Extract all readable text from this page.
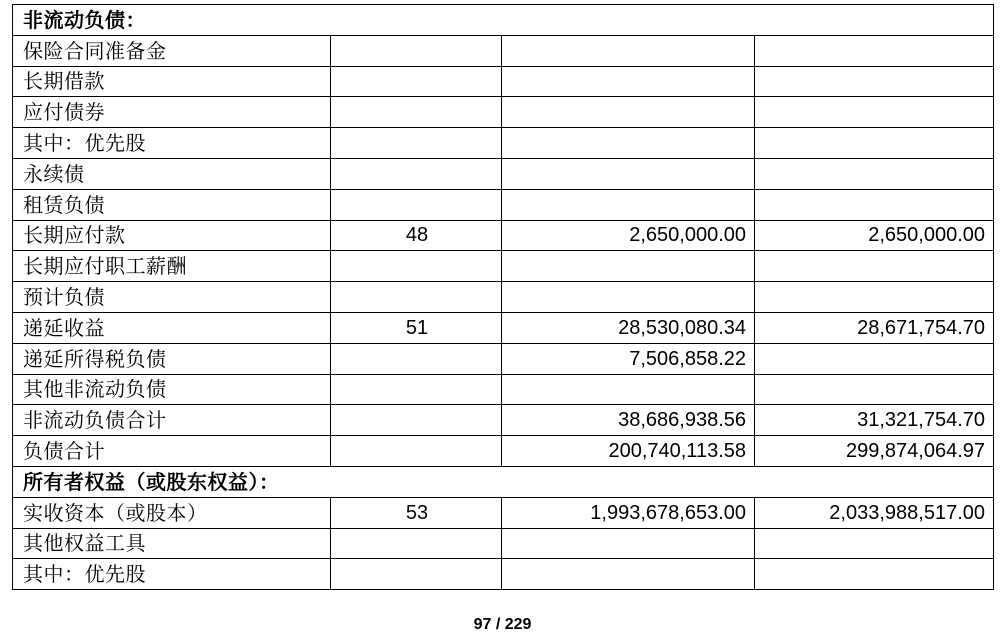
非流动负债：			
保险合同准备金			
长期借款			
应付债券			
其中：优先股			
永续债			
租赁负债			
长期应付款	48	2,650,000.00	2,650,000.00
长期应付职工薪酬			
预计负债			
递延收益	51	28,530,080.34	28,671,754.70
递延所得税负债		7,506,858.22	
其他非流动负债			
非流动负债合计		38,686,938.56	31,321,754.70
负债合计		200,740,113.58	299,874,064.97
所有者权益（或股东权益）：			
实收资本（或股本）	53	1,993,678,653.00	2,033,988,517.00
其他权益工具			
其中：优先股			
97 / 229
